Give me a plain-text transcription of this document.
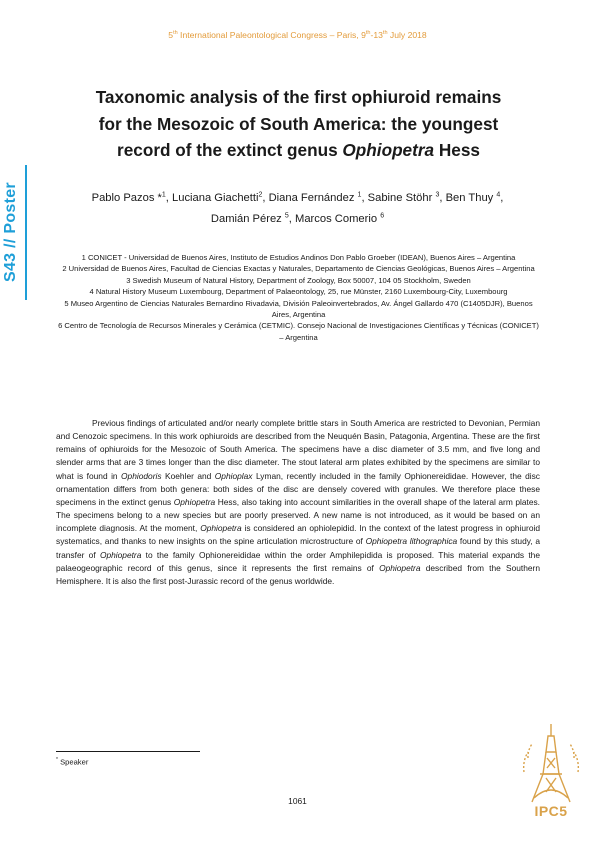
5th International Paleontological Congress – Paris, 9th-13th July 2018
S43 // Poster
Taxonomic analysis of the first ophiuroid remains
for the Mesozoic of South America: the youngest
record of the extinct genus Ophiopetra Hess
Pablo Pazos *$^1$, Luciana Giachetti$^2$, Diana Fernández $^1$, Sabine Stöhr $^3$, Ben Thuy $^4$,
Damián Pérez $^5$, Marcos Comerio $^6$
1 CONICET - Universidad de Buenos Aires, Instituto de Estudios Andinos Don Pablo Groeber (IDEAN), Buenos Aires – Argentina
2 Universidad de Buenos Aires, Facultad de Ciencias Exactas y Naturales, Departamento de Ciencias Geológicas, Buenos Aires – Argentina
3 Swedish Museum of Natural History, Department of Zoology, Box 50007, 104 05 Stockholm, Sweden
4 Natural History Museum Luxembourg, Department of Palaeontology, 25, rue Münster, 2160 Luxembourg-City, Luxembourg
5 Museo Argentino de Ciencias Naturales Bernardino Rivadavia, División Paleoinvertebrados, Av. Ángel Gallardo 470 (C1405DJR), Buenos Aires, Argentina
6 Centro de Tecnología de Recursos Minerales y Cerámica (CETMIC). Consejo Nacional de Investigaciones Científicas y Técnicas (CONICET) – Argentina

Previous findings of articulated and/or nearly complete brittle stars in South America are restricted to Devonian, Permian and Cenozoic specimens. In this work ophiuroids are described from the Neuquén Basin, Patagonia, Argentina. These are the first remains of ophiuroids for the Mesozoic of South America. The specimens have a disc diameter of 3.5 mm, and five long and slender arms that are 3 times longer than the disc diameter. The stout lateral arm plates exhibited by the specimens are similar to what is found in Ophiodoris Koehler and Ophioplax Lyman, recently included in the family Ophionereididae. However, the disc ornamentation differs from both genera: both sides of the disc are densely covered with granules. We therefore place these specimens in the extinct genus Ophiopetra Hess, also taking into account similarities in the overall shape of the lateral arm plates. The specimens belong to a new species but are poorly preserved. A new name is not introduced, as it would be based on an incomplete diagnosis. At the moment, Ophiopetra is considered an ophiolepidid. In the context of the latest progress in ophiuroid systematics, and thanks to new insights on the spine articulation microstructure of Ophiopetra lithographica found by this study, a transfer of Ophiopetra to the family Ophionereididae within the order Amphilepidida is proposed. This material expands the palaeogeographic record of this genus, since it represents the first remains of Ophiopetra described from the Southern Hemisphere. It is also the first post-Jurassic record of the genus worldwide.

* Speaker
1061
IPC5
